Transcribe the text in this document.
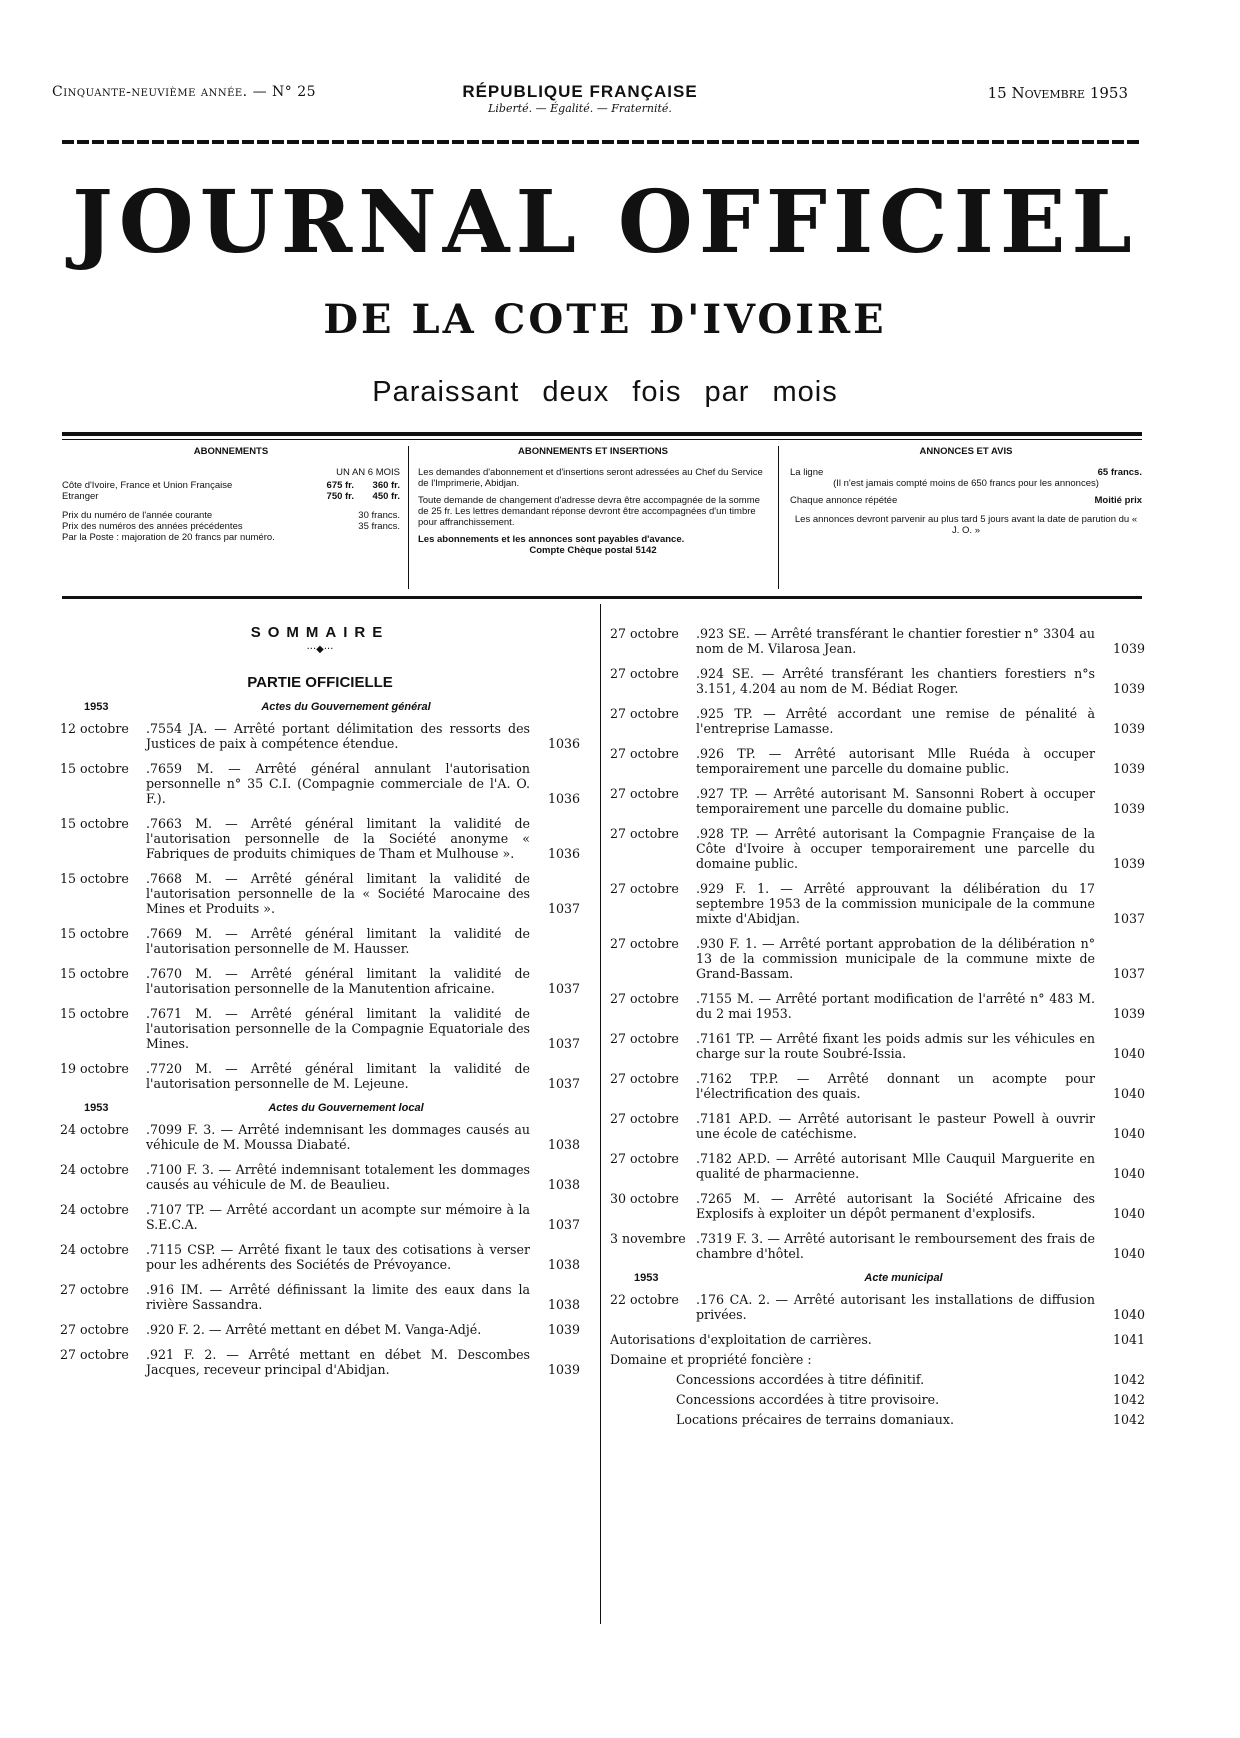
Cinquante-neuvième année. — N° 25	RÉPUBLIQUE FRANÇAISE
Liberté. — Égalité. — Fraternité.
15 Novembre 1953
JOURNAL OFFICIEL
DE LA COTE D'IVOIRE
Paraissant deux fois par mois
ABONNEMENTS
UN AN 6 MOIS
Côte d'Ivoire, France et Union Française	675 fr.	360 fr.
Etranger	750 fr.	450 fr.
Prix du numéro de l'année courante	30 francs.
Prix des numéros des années précédentes	35 francs.
Par la Poste : majoration de 20 francs par numéro.
ABONNEMENTS ET INSERTIONS
Les demandes d'abonnement et d'insertions seront adressées au Chef du Service de l'Imprimerie, Abidjan.
Toute demande de changement d'adresse devra être accompagnée de la somme de 25 fr. Les lettres demandant réponse devront être accompagnées d'un timbre pour affranchissement.
Les abonnements et les annonces sont payables d'avance.
Compte Chèque postal 5142
ANNONCES ET AVIS
La ligne	65 francs.
(Il n'est jamais compté moins de 650 francs pour les annonces)
Chaque annonce répétée	Moitié prix
Les annonces devront parvenir au plus tard 5 jours avant la date de parution du « J. O. »
SOMMAIRE
···◆···
PARTIE OFFICIELLE
1953	Actes du Gouvernement général
12 octobre	.7554 JA. — Arrêté portant délimitation des ressorts des Justices de paix à compétence étendue.	1036
15 octobre	.7659 M. — Arrêté général annulant l'autorisation personnelle n° 35 C.I. (Compagnie commerciale de l'A. O. F.).	1036
15 octobre	.7663 M. — Arrêté général limitant la validité de l'autorisation personnelle de la Société anonyme « Fabriques de produits chimiques de Tham et Mulhouse ».	1036
15 octobre	.7668 M. — Arrêté général limitant la validité de l'autorisation personnelle de la « Société Marocaine des Mines et Produits ».	1037
15 octobre	.7669 M. — Arrêté général limitant la validité de l'autorisation personnelle de M. Hausser.
15 octobre	.7670 M. — Arrêté général limitant la validité de l'autorisation personnelle de la Manutention africaine.	1037
15 octobre	.7671 M. — Arrêté général limitant la validité de l'autorisation personnelle de la Compagnie Equatoriale des Mines.	1037
19 octobre	.7720 M. — Arrêté général limitant la validité de l'autorisation personnelle de M. Lejeune.	1037
1953	Actes du Gouvernement local
24 octobre	.7099 F. 3. — Arrêté indemnisant les dommages causés au véhicule de M. Moussa Diabaté.	1038
24 octobre	.7100 F. 3. — Arrêté indemnisant totalement les dommages causés au véhicule de M. de Beaulieu.	1038
24 octobre	.7107 TP. — Arrêté accordant un acompte sur mémoire à la S.E.C.A.	1037
24 octobre	.7115 CSP. — Arrêté fixant le taux des cotisations à verser pour les adhérents des Sociétés de Prévoyance.	1038
27 octobre	.916 IM. — Arrêté définissant la limite des eaux dans la rivière Sassandra.	1038
27 octobre	.920 F. 2. — Arrêté mettant en débet M. Vanga-Adjé.	1039
27 octobre	.921 F. 2. — Arrêté mettant en débet M. Descombes Jacques, receveur principal d'Abidjan.	1039
27 octobre	.923 SE. — Arrêté transférant le chantier forestier n° 3304 au nom de M. Vilarosa Jean.	1039
27 octobre	.924 SE. — Arrêté transférant les chantiers forestiers n°s 3.151, 4.204 au nom de M. Bédiat Roger.	1039
27 octobre	.925 TP. — Arrêté accordant une remise de pénalité à l'entreprise Lamasse.	1039
27 octobre	.926 TP. — Arrêté autorisant Mlle Ruéda à occuper temporairement une parcelle du domaine public.	1039
27 octobre	.927 TP. — Arrêté autorisant M. Sansonni Robert à occuper temporairement une parcelle du domaine public.	1039
27 octobre	.928 TP. — Arrêté autorisant la Compagnie Française de la Côte d'Ivoire à occuper temporairement une parcelle du domaine public.	1039
27 octobre	.929 F. 1. — Arrêté approuvant la délibération du 17 septembre 1953 de la commission municipale de la commune mixte d'Abidjan.	1037
27 octobre	.930 F. 1. — Arrêté portant approbation de la délibération n° 13 de la commission municipale de la commune mixte de Grand-Bassam.	1037
27 octobre	.7155 M. — Arrêté portant modification de l'arrêté n° 483 M. du 2 mai 1953.	1039
27 octobre	.7161 TP. — Arrêté fixant les poids admis sur les véhicules en charge sur la route Soubré-Issia.	1040
27 octobre	.7162 TP.P. — Arrêté donnant un acompte pour l'électrification des quais.	1040
27 octobre	.7181 AP.D. — Arrêté autorisant le pasteur Powell à ouvrir une école de catéchisme.	1040
27 octobre	.7182 AP.D. — Arrêté autorisant Mlle Cauquil Marguerite en qualité de pharmacienne.	1040
30 octobre	.7265 M. — Arrêté autorisant la Société Africaine des Explosifs à exploiter un dépôt permanent d'explosifs.	1040
3 novembre .7319 F. 3. — Arrêté autorisant le remboursement des frais de chambre d'hôtel.	1040
1953	Acte municipal
22 octobre	.176 CA. 2. — Arrêté autorisant les installations de diffusion privées.	1040
Autorisations d'exploitation de carrières.	1041
Domaine et propriété foncière :
Concessions accordées à titre définitif.	1042
Concessions accordées à titre provisoire.	1042
Locations précaires de terrains domaniaux.	1042
